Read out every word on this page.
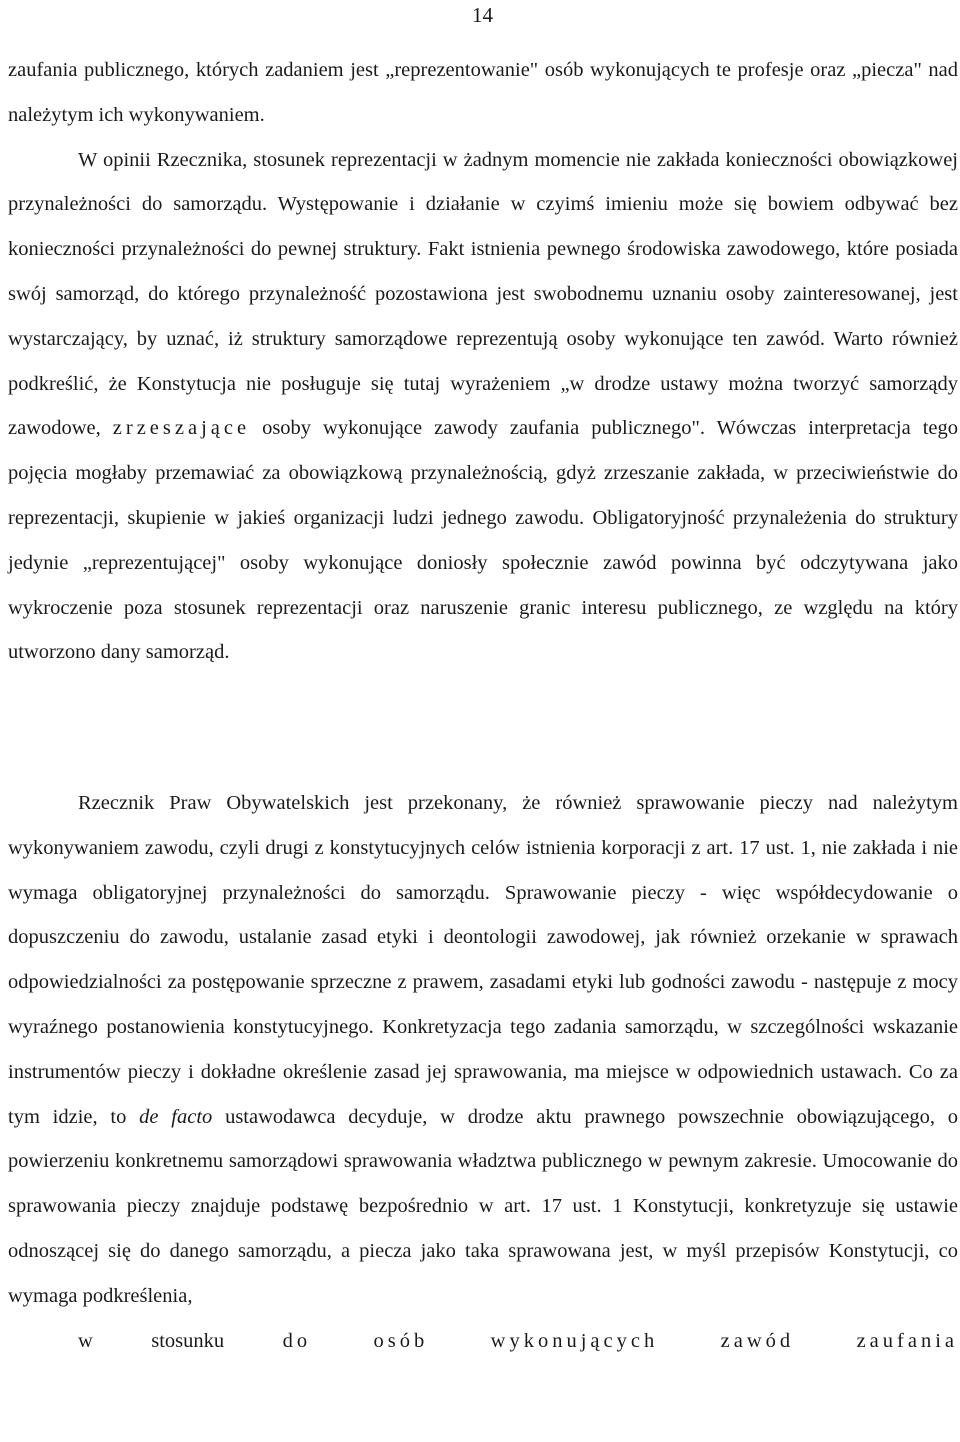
14

zaufania publicznego, których zadaniem jest „reprezentowanie" osób wykonujących te profesje oraz „piecza" nad należytym ich wykonywaniem.

W opinii Rzecznika, stosunek reprezentacji w żadnym momencie nie zakłada konieczności obowiązkowej przynależności do samorządu. Występowanie i działanie w czyimś imieniu może się bowiem odbywać bez konieczności przynależności do pewnej struktury. Fakt istnienia pewnego środowiska zawodowego, które posiada swój samorząd, do którego przynależność pozostawiona jest swobodnemu uznaniu osoby zainteresowanej, jest wystarczający, by uznać, iż struktury samorządowe reprezentują osoby wykonujące ten zawód. Warto również podkreślić, że Konstytucja nie posługuje się tutaj wyrażeniem „w drodze ustawy można tworzyć samorządy zawodowe, zrzeszające osoby wykonujące zawody zaufania publicznego". Wówczas interpretacja tego pojęcia mogłaby przemawiać za obowiązkową przynależnością, gdyż zrzeszanie zakłada, w przeciwieństwie do reprezentacji, skupienie w jakieś organizacji ludzi jednego zawodu. Obligatoryjność przynależenia do struktury jedynie „reprezentującej" osoby wykonujące doniosły społecznie zawód powinna być odczytywana jako wykroczenie poza stosunek reprezentacji oraz naruszenie granic interesu publicznego, ze względu na który utworzono dany samorząd.

Rzecznik Praw Obywatelskich jest przekonany, że również sprawowanie pieczy nad należytym wykonywaniem zawodu, czyli drugi z konstytucyjnych celów istnienia korporacji z art. 17 ust. 1, nie zakłada i nie wymaga obligatoryjnej przynależności do samorządu. Sprawowanie pieczy - więc współdecydowanie o dopuszczeniu do zawodu, ustalanie zasad etyki i deontologii zawodowej, jak również orzekanie w sprawach odpowiedzialności za postępowanie sprzeczne z prawem, zasadami etyki lub godności zawodu - następuje z mocy wyraźnego postanowienia konstytucyjnego. Konkretyzacja tego zadania samorządu, w szczególności wskazanie instrumentów pieczy i dokładne określenie zasad jej sprawowania, ma miejsce w odpowiednich ustawach. Co za tym idzie, to de facto ustawodawca decyduje, w drodze aktu prawnego powszechnie obowiązującego, o powierzeniu konkretnemu samorządowi sprawowania władztwa publicznego w pewnym zakresie. Umocowanie do sprawowania pieczy znajduje podstawę bezpośrednio w art. 17 ust. 1 Konstytucji, konkretyzuje się ustawie odnoszącej się do danego samorządu, a piecza jako taka sprawowana jest, w myśl przepisów Konstytucji, co wymaga podkreślenia,
w stosunku	do osób wykonujących zawód zaufania
